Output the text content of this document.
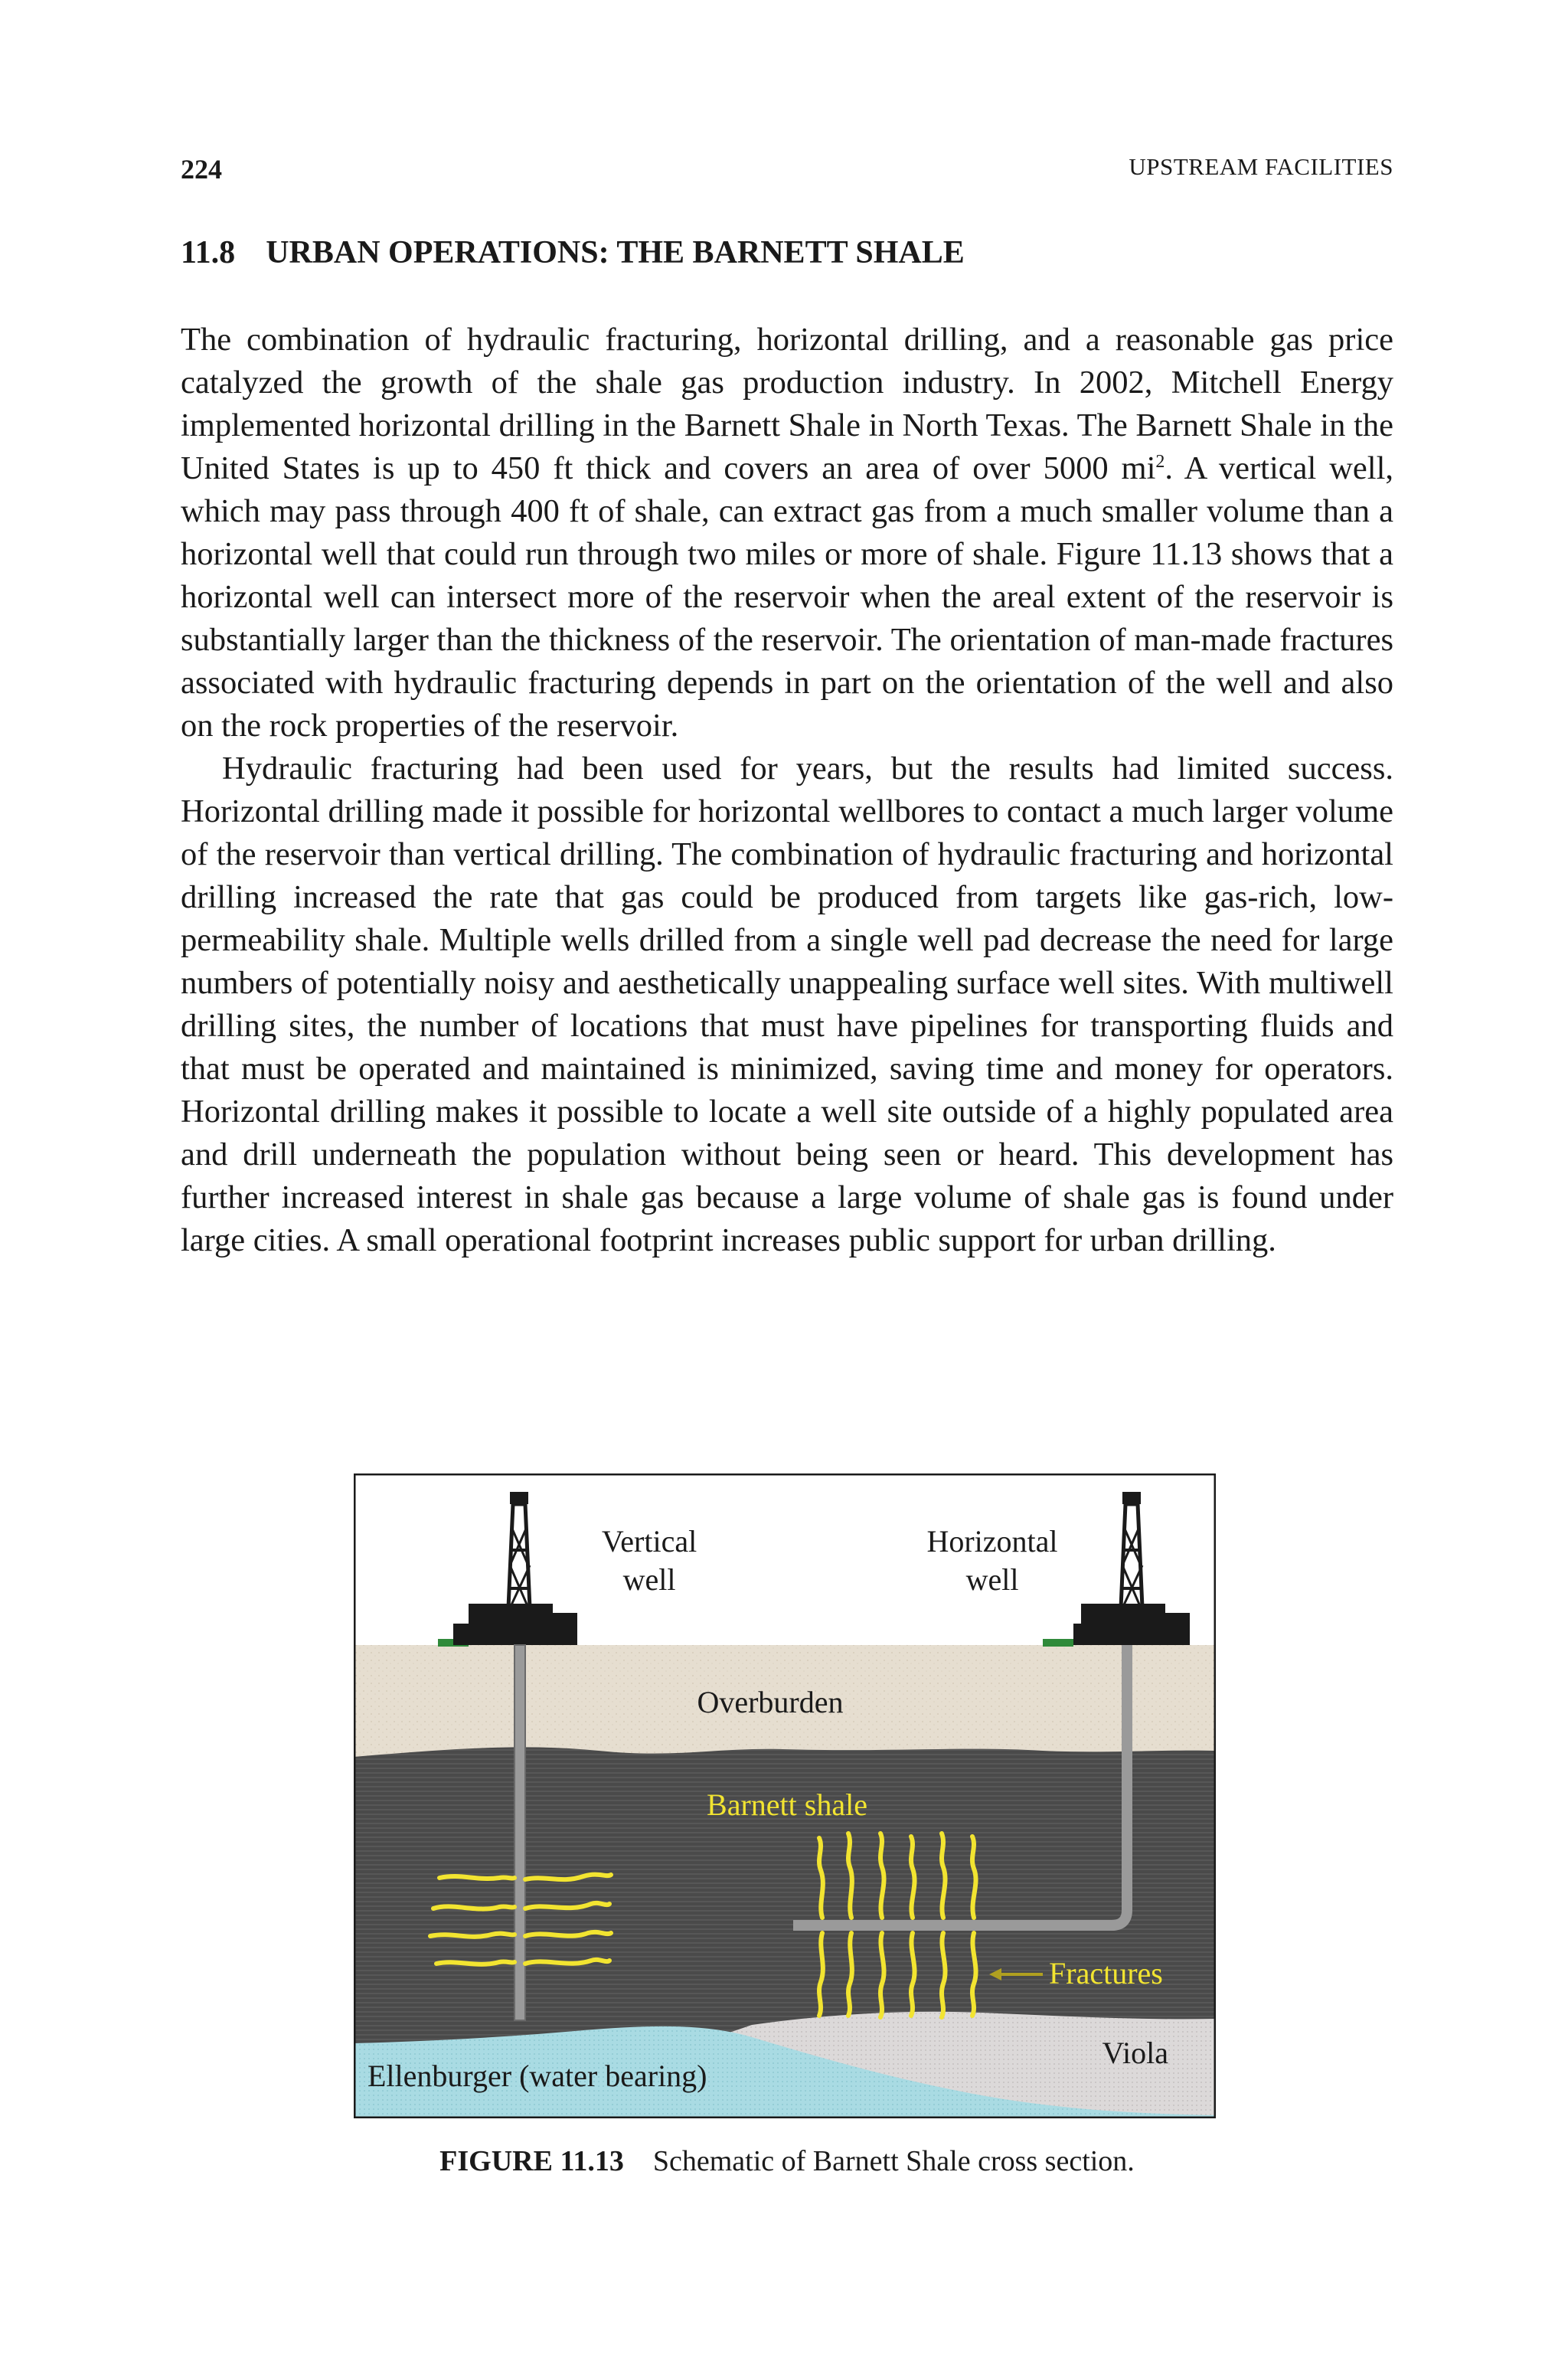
224	UPSTREAM FACILITIES
11.8 URBAN OPERATIONS: THE BARNETT SHALE

The combination of hydraulic fracturing, horizontal drilling, and a reasonable gas price catalyzed the growth of the shale gas production industry. In 2002, Mitchell Energy implemented horizontal drilling in the Barnett Shale in North Texas. The Barnett Shale in the United States is up to 450 ft thick and covers an area of over 5000 $mi^2$. A vertical well, which may pass through 400 ft of shale, can extract gas from a much smaller volume than a horizontal well that could run through two miles or more of shale. Figure 11.13 shows that a horizontal well can intersect more of the reservoir when the areal extent of the reservoir is substantially larger than the thickness of the reservoir. The orientation of man-made fractures associated with hydraulic fracturing depends in part on the orientation of the well and also on the rock properties of the reservoir.

Hydraulic fracturing had been used for years, but the results had limited success. Horizontal drilling made it possible for horizontal wellbores to contact a much larger volume of the reservoir than vertical drilling. The combination of hydraulic fracturing and horizontal drilling increased the rate that gas could be produced from targets like gas-rich, low-permeability shale. Multiple wells drilled from a single well pad decrease the need for large numbers of potentially noisy and aesthetically unappealing surface well sites. With multiwell drilling sites, the number of locations that must have pipelines for transporting fluids and that must be operated and maintained is minimized, saving time and money for operators. Horizontal drilling makes it possible to locate a well site outside of a highly populated area and drill underneath the population without being seen or heard. This development has further increased interest in shale gas because a large volume of shale gas is found under large cities. A small operational footprint increases public support for urban drilling.

Vertical
well
Horizontal
well
Overburden
Barnett shale
Fractures
Viola
Ellenburger (water bearing)
FIGURE 11.13 Schematic of Barnett Shale cross section.
